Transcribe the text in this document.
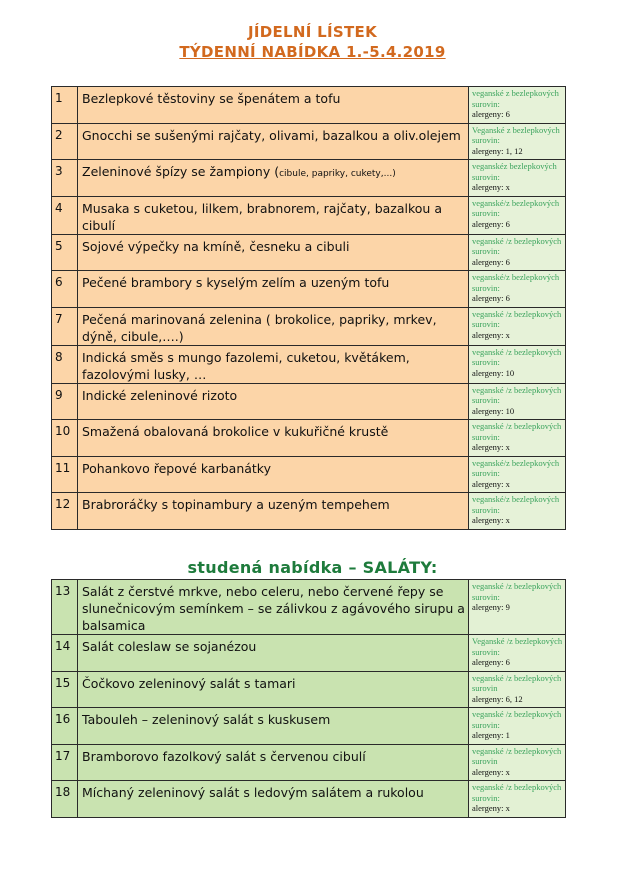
JÍDELNÍ LÍSTEK
TÝDENNÍ NABÍDKA 1.-5.4.2019
1	Bezlepkové těstoviny se špenátem a tofu	veganské z bezlepkových surovin:
alergeny: 6

2	Gnocchi se sušenými rajčaty, olivami, bazalkou a oliv.olejem	Veganské z bezlepkových surovin:
alergeny: 1, 12

3	Zeleninové špízy se žampiony (cibule, papriky, cukety,...)	veganskéz bezlepkových surovin:
alergeny: x

4	Musaka s cuketou, lilkem, brabnorem, rajčaty, bazalkou a cibulí	veganské/z bezlepkových surovin:
alergeny: 6

5	Sojové výpečky na kmíně, česneku a cibuli	veganské /z bezlepkových surovin:
alergeny: 6

6	Pečené brambory s kyselým zelím a uzeným tofu	veganské/z bezlepkových surovin:
alergeny: 6

7	Pečená marinovaná zelenina ( brokolice, papriky, mrkev, dýně, cibule,….)	veganské /z bezlepkových surovin:
alergeny: x

8	Indická směs s mungo fazolemi, cuketou, květákem, fazolovými lusky, …	veganské /z bezlepkových surovin:
alergeny: 10

9	Indické zeleninové rizoto	veganské /z bezlepkových surovin:
alergeny: 10

10	Smažená obalovaná brokolice v kukuřičné krustě	veganské /z bezlepkových surovin:
alergeny: x

11	Pohankovo řepové karbanátky	veganské/z bezlepkových surovin:
alergeny: x

12	Brabroráčky s topinambury a uzeným tempehem	veganské/z bezlepkových surovin:
alergeny: x
studená nabídka – SALÁTY:
13	Salát z čerstvé mrkve, nebo celeru, nebo červené řepy se slunečnicovým semínkem – se zálivkou z agávového sirupu a balsamica	veganské /z bezlepkových surovin:
alergeny: 9

14	Salát coleslaw se sojanézou	Veganské /z bezlepkových surovin:
alergeny: 6

15	Čočkovo zeleninový salát s tamari	veganské /z bezlepkových surovin
alergeny: 6, 12

16	Tabouleh – zeleninový salát s kuskusem	veganské /z bezlepkových surovin:
alergeny: 1

17	Bramborovo fazolkový salát s červenou cibulí	veganské /z bezlepkových surovin
alergeny: x

18	Míchaný zeleninový salát s ledovým salátem a rukolou	veganské /z bezlepkových surovin:
alergeny: x
